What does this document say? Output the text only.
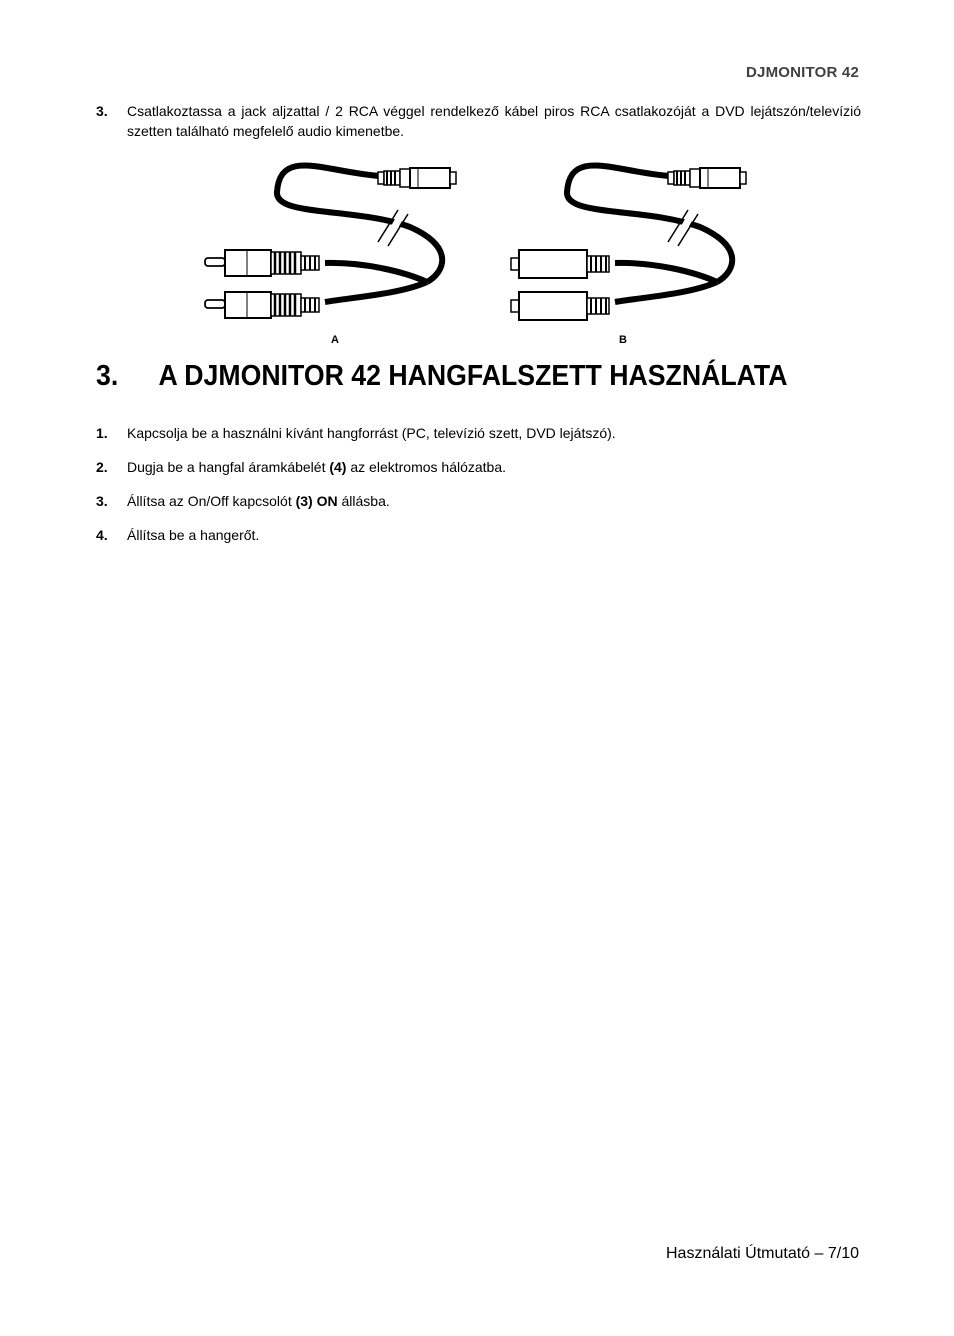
DJMONITOR 42
3.	Csatlakoztassa a jack aljzattal / 2 RCA véggel rendelkező kábel piros RCA csatlakozóját a DVD lejátszón/televízió szetten található megfelelő audio kimenetbe.
A	B
3.	A DJMONITOR 42 HANGFALSZETT HASZNÁLATA
1.	Kapcsolja be a használni kívánt hangforrást (PC, televízió szett, DVD lejátszó).
2.	Dugja be a hangfal áramkábelét (4) az elektromos hálózatba.
3.	Állítsa az On/Off kapcsolót (3) ON állásba.
4.	Állítsa be a hangerőt.
Használati Útmutató – 7/10
